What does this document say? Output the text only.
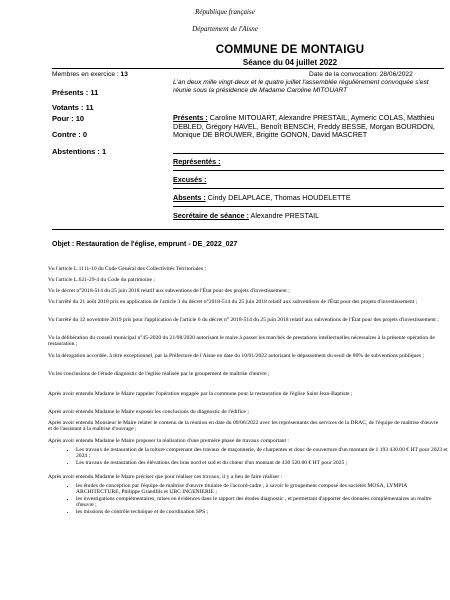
République française
Département de l'Aisne
COMMUNE DE MONTAIGU
Séance du 04 juillet 2022
Membres en exercice : 13
Présents : 11
Votants : 11
Pour : 10
Contre : 0
Abstentions : 1
Date de la convocation: 28/06/2022
L'an deux mille vingt-deux et le quatre juillet l'assemblée régulièrement convoquée s'est réunie sous la présidence de Madame Caroline MITOUART
Présents : Caroline MITOUART, Alexandre PRESTAIL, Aymeric COLAS, Matthieu DEBLED, Grégory HAVEL, Benoît BENSCH, Freddy BESSE, Morgan BOURDON, Monique DE BROUWER, Brigitte GONON, David MASCRET
Représentés :
Excusés :
Absents : Cindy DELAPLACE, Thomas HOUDELETTE
Secrétaire de séance : Alexandre PRESTAIL
Objet : Restauration de l'église, emprunt - DE_2022_027
Vu l'article L.1111-10 du Code Général des Collectivités Territoriales ;
Vu l'article L.621-29-4 du Code du patrimoine ;
Vu le décret n°2018-514 du 25 juin 2018 relatif aux subventions de l'État pour des projets d'investissement ;
Vu l'arrêté du 21 août 2018 pris en application de l'article 3 du décret n°2018-514 du 25 juin 2018 relatif aux subventions de l'État pour des projets d'investissement ;
Vu l'arrêté du 12 novembre 2019 pris pour l'application de l'article 6 du décret n° 2018-514 du 25 juin 2018 relatif aux subventions de l'État pour des projets d'investissement ;
Vu la délibération du conseil municipal n°45-2020 du 21/08/2020 autorisant le maire à passer les marchés de prestations intellectuelles nécessaires à la présente opération de restauration ;
Vu la dérogation accordée, à titre exceptionnel, par la Préfecture de l'Aisne en date du 10/01/2022 autorisant le dépassement du seuil de 80% de subventions publiques ;
Vu les conclusions de l'étude diagnostic de l'église réalisée par le groupement de maîtrise d'œuvre ;
Après avoir entendu Madame le Maire rappeler l'opération engagée par la commune pour la restauration de l'église Saint Jean-Baptiste ;
Après avoir entendu Madame le Maire exposer les conclusions du diagnostic de l'édifice ;
Après avoir entendu Monsieur le Maire relater le contenu de la réunion en date du 09/06/2022 avec les représentants des services de la DRAC, de l'équipe de maîtrise d'œuvre et de l'assistant à la maîtrise d'ouvrage ;
Après avoir entendu Madame le Maire proposer la réalisation d'une première phase de travaux comportant :
• Les travaux de restauration de la toiture comprenant des travaux de maçonnerie, de charpentes et donc de couverture d'un montant de 1 193 430.00 € HT pour 2023 et 2024 ;
• Les travaux de restauration des élévations des bras nord et sud et du chœur d'un montant de 430 520.00 € HT pour 2025 ;
Après avoir entendu Madame le Maire préciser que pour réaliser ces travaux, il y a lieu de faire réaliser :
• les études de conception par l'équipe de maîtrise d'œuvre titulaire de l'accord-cadre , à savoir le groupement composé des sociétés MOSA, LYMPIA ARCHITECTURE, Philippe Grandfils et UBC INGENIERIE ;
• les investigations complémentaires, mises en évidences dans le rapport des études diagnostic , et permettant d'apporter des données complémentaires au maître d'œuvre ;
• les missions de contrôle technique et de coordination SPS ;
